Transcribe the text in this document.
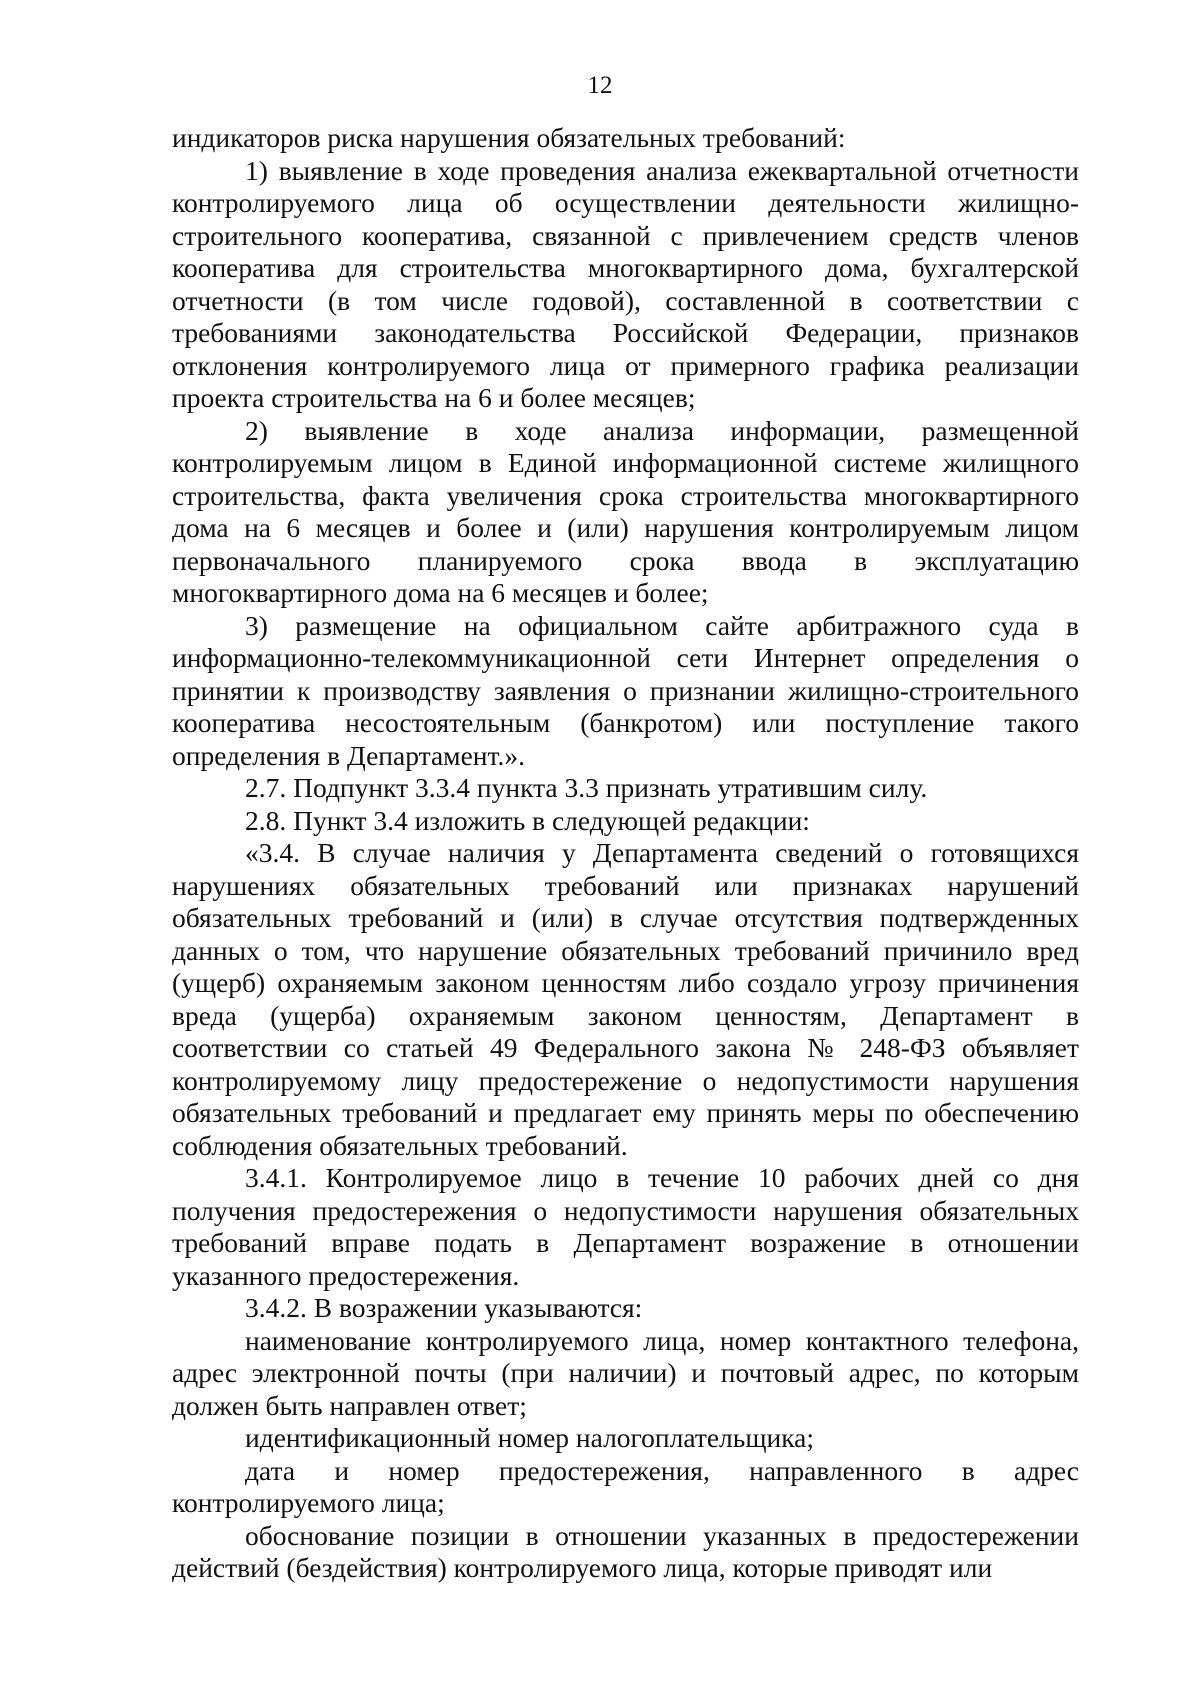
12

индикаторов риска нарушения обязательных требований:

1) выявление в ходе проведения анализа ежеквартальной отчетности контролируемого лица об осуществлении деятельности жилищно-строительного кооператива, связанной с привлечением средств членов кооператива для строительства многоквартирного дома, бухгалтерской отчетности (в том числе годовой), составленной в соответствии с требованиями законодательства Российской Федерации, признаков отклонения контролируемого лица от примерного графика реализации проекта строительства на 6 и более месяцев;

2) выявление в ходе анализа информации, размещенной контролируемым лицом в Единой информационной системе жилищного строительства, факта увеличения срока строительства многоквартирного дома на 6 месяцев и более и (или) нарушения контролируемым лицом первоначального планируемого срока ввода в эксплуатацию многоквартирного дома на 6 месяцев и более;

3) размещение на официальном сайте арбитражного суда в информационно-телекоммуникационной сети Интернет определения о принятии к производству заявления о признании жилищно-строительного кооператива несостоятельным (банкротом) или поступление такого определения в Департамент.».

2.7. Подпункт 3.3.4 пункта 3.3 признать утратившим силу.

2.8. Пункт 3.4 изложить в следующей редакции:

«3.4. В случае наличия у Департамента сведений о готовящихся нарушениях обязательных требований или признаках нарушений обязательных требований и (или) в случае отсутствия подтвержденных данных о том, что нарушение обязательных требований причинило вред (ущерб) охраняемым законом ценностям либо создало угрозу причинения вреда (ущерба) охраняемым законом ценностям, Департамент в соответствии со статьей 49 Федерального закона № 248-ФЗ объявляет контролируемому лицу предостережение о недопустимости нарушения обязательных требований и предлагает ему принять меры по обеспечению соблюдения обязательных требований.

3.4.1. Контролируемое лицо в течение 10 рабочих дней со дня получения предостережения о недопустимости нарушения обязательных требований вправе подать в Департамент возражение в отношении указанного предостережения.

3.4.2. В возражении указываются:

наименование контролируемого лица, номер контактного телефона, адрес электронной почты (при наличии) и почтовый адрес, по которым должен быть направлен ответ;

идентификационный номер налогоплательщика;

дата и номер предостережения, направленного в адрес контролируемого лица;

обоснование позиции в отношении указанных в предостережении действий (бездействия) контролируемого лица, которые приводят или
